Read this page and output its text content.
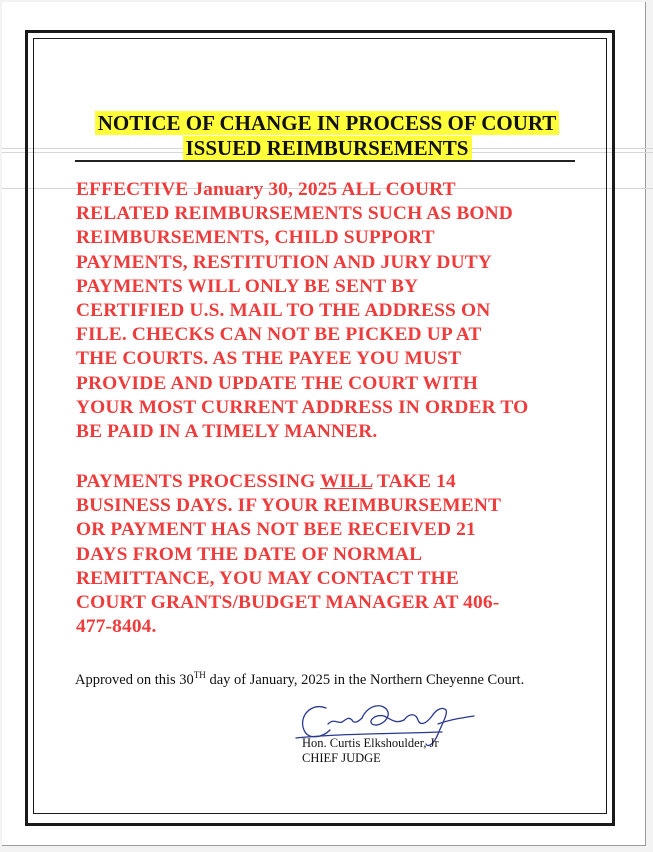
NOTICE OF CHANGE IN PROCESS OF COURT
ISSUED REIMBURSEMENTS

EFFECTIVE January 30, 2025 ALL COURT
RELATED REIMBURSEMENTS SUCH AS BOND
REIMBURSEMENTS, CHILD SUPPORT
PAYMENTS, RESTITUTION AND JURY DUTY
PAYMENTS WILL ONLY BE SENT BY
CERTIFIED U.S. MAIL TO THE ADDRESS ON
FILE. CHECKS CAN NOT BE PICKED UP AT
THE COURTS. AS THE PAYEE YOU MUST
PROVIDE AND UPDATE THE COURT WITH
YOUR MOST CURRENT ADDRESS IN ORDER TO
BE PAID IN A TIMELY MANNER.

PAYMENTS PROCESSING WILL TAKE 14
BUSINESS DAYS. IF YOUR REIMBURSEMENT
OR PAYMENT HAS NOT BEE RECEIVED 21
DAYS FROM THE DATE OF NORMAL
REMITTANCE, YOU MAY CONTACT THE
COURT GRANTS/BUDGET MANAGER AT 406-
477-8404.

Approved on this 30TH day of January, 2025 in the Northern Cheyenne Court.
Hon. Curtis Elkshoulder, Jr
CHIEF JUDGE
